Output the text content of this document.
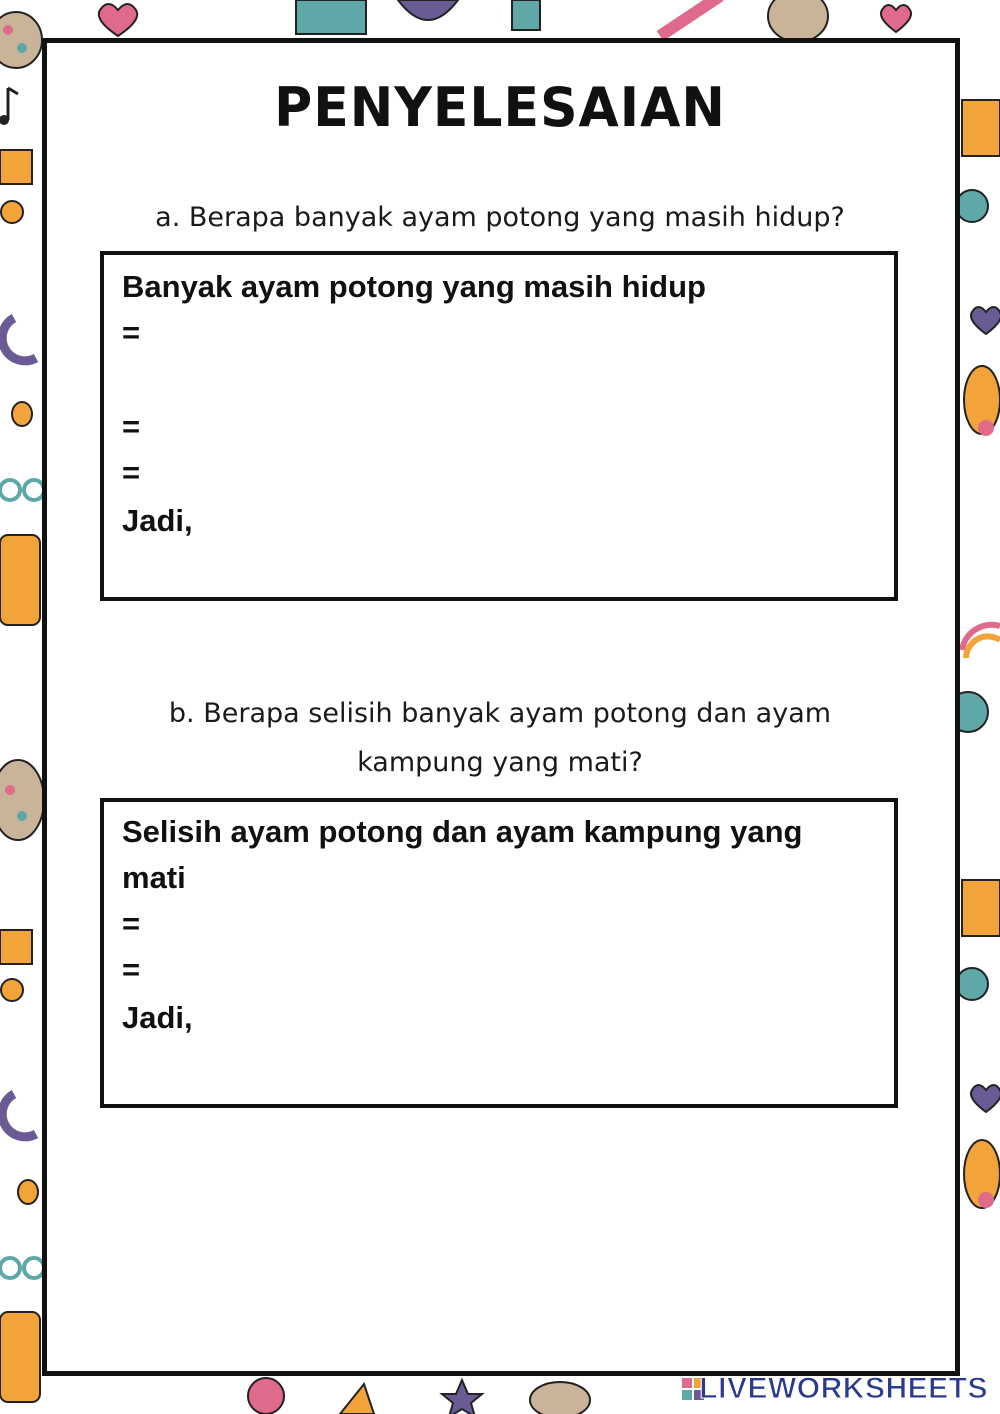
PENYELESAIAN
a. Berapa banyak ayam potong yang masih hidup?
Banyak ayam potong yang masih hidup
=
=
=
Jadi,
b. Berapa selisih banyak ayam potong dan ayam
kampung yang mati?
Selisih ayam potong dan ayam kampung yang
mati
=
=
Jadi,
LIVEWORKSHEETS
